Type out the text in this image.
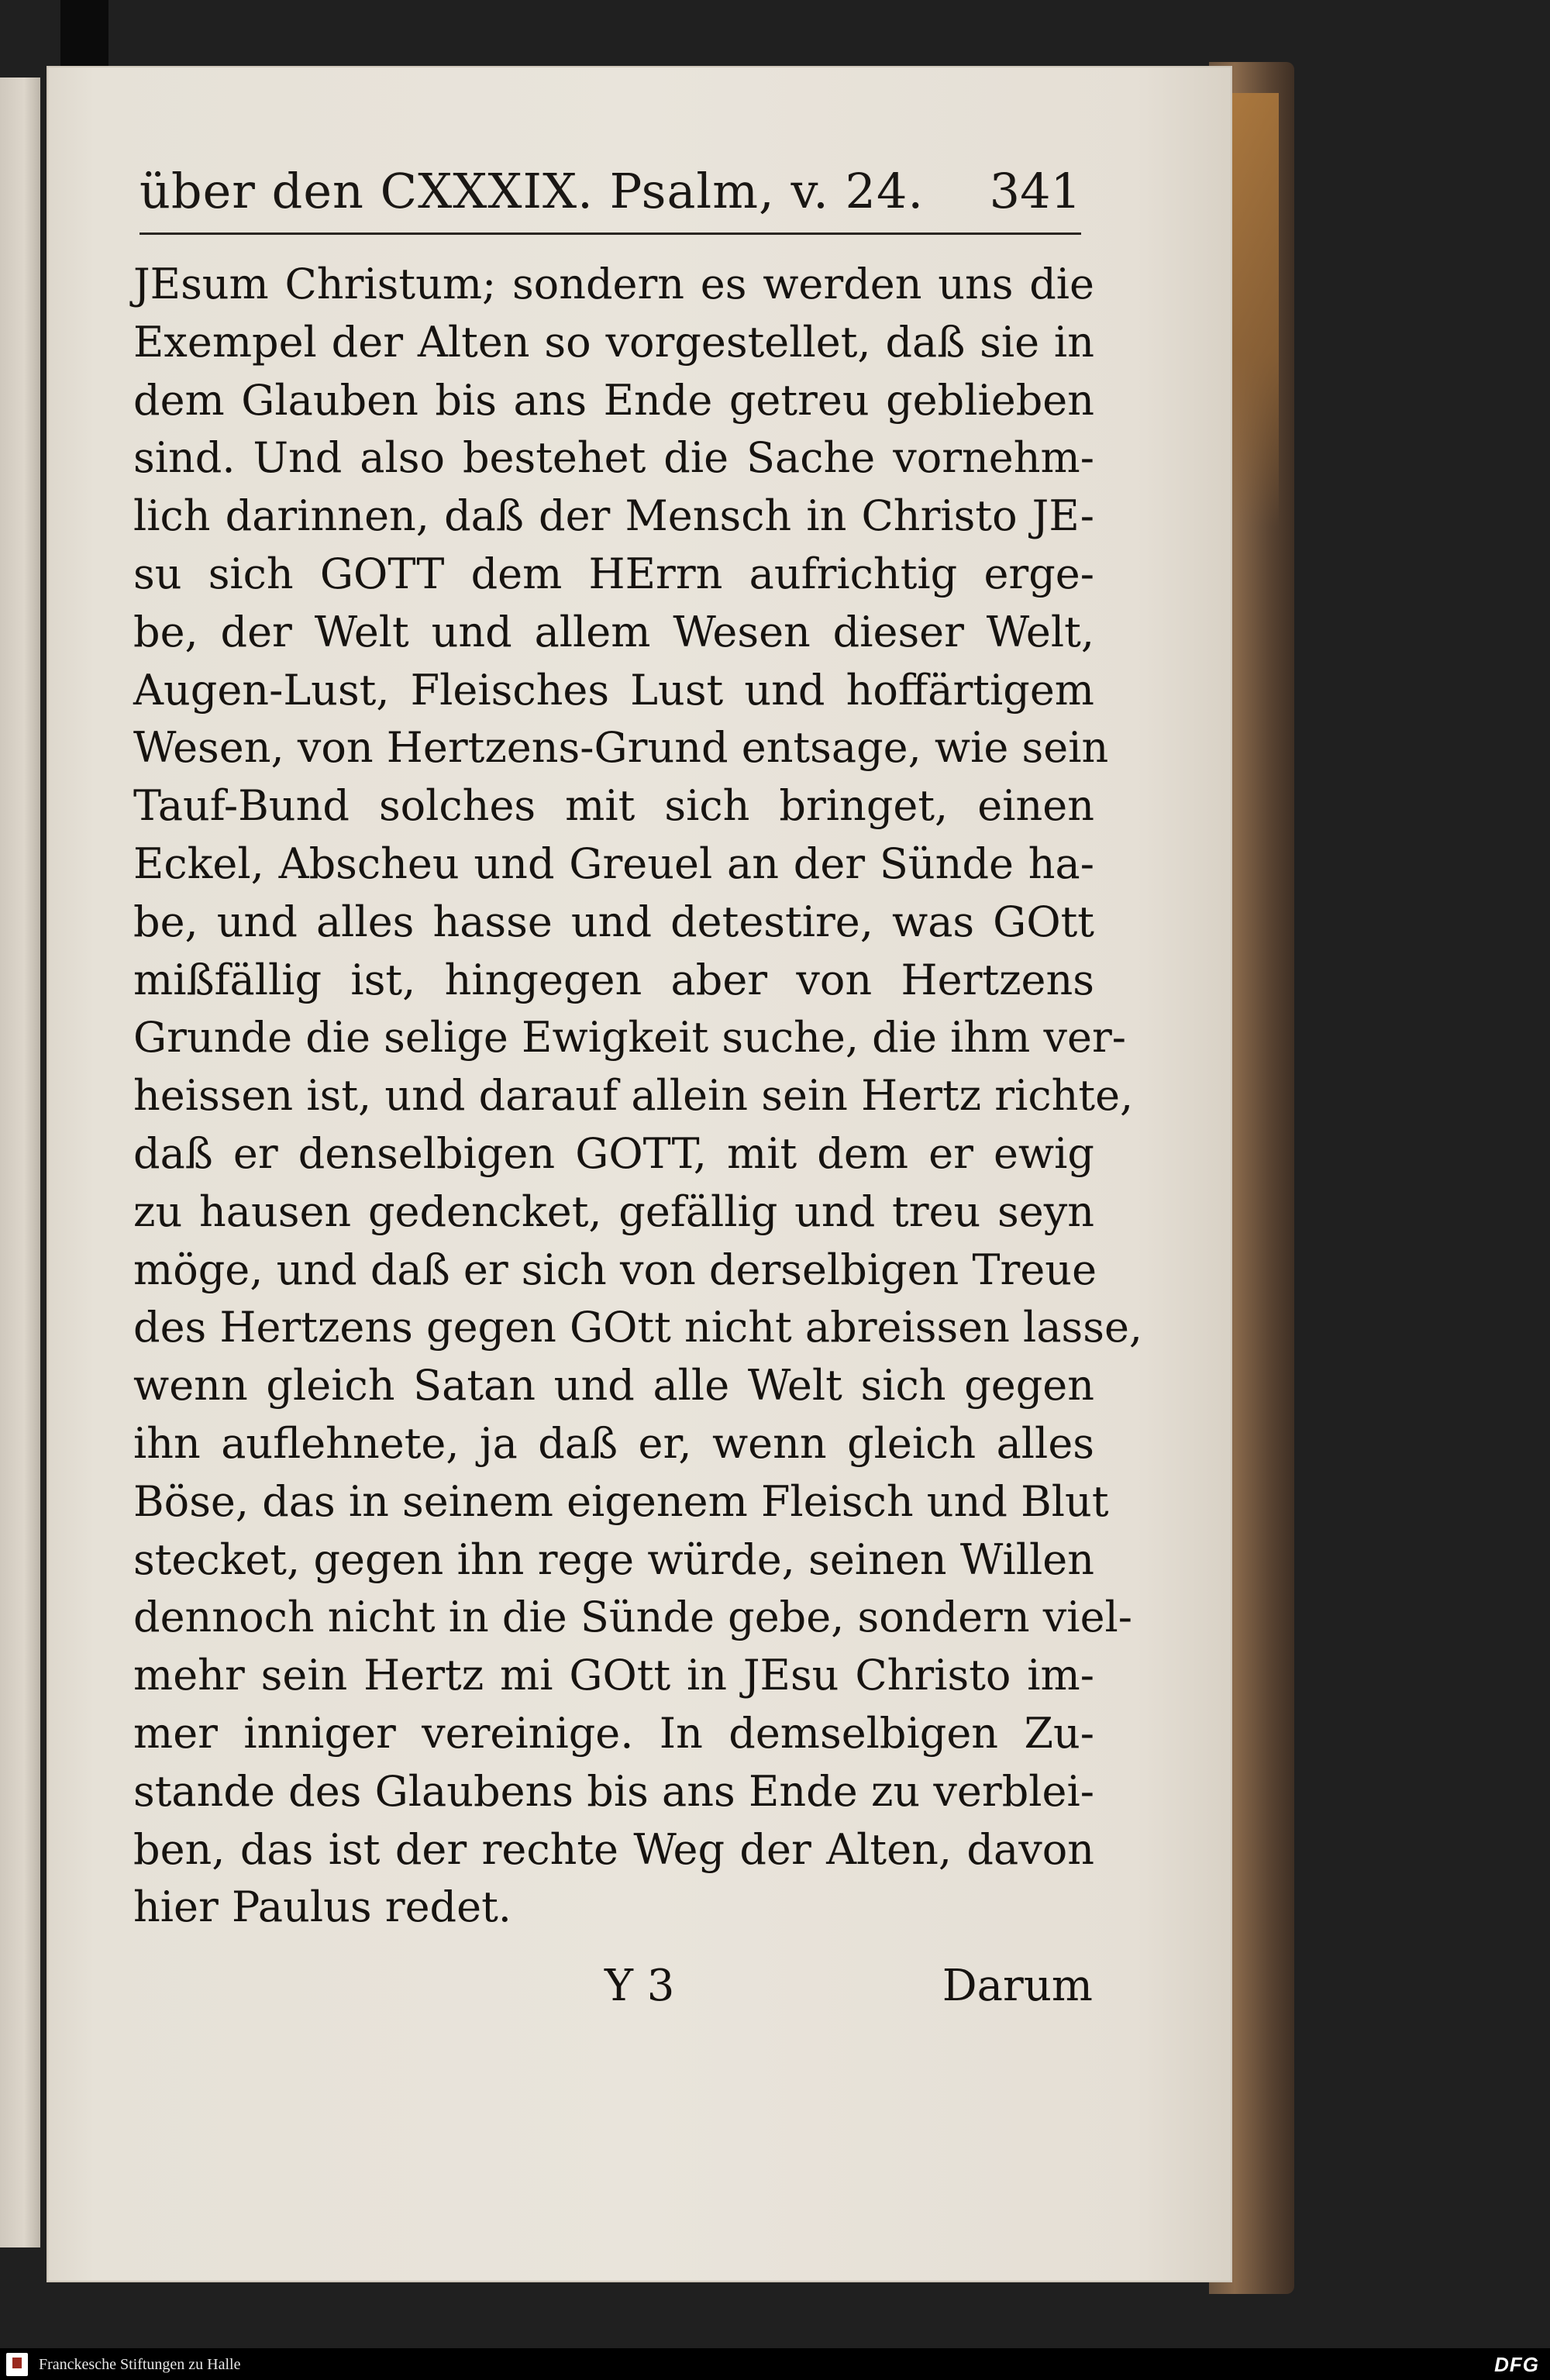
über den CXXXIX. Psalm, v. 24. 341
JEsum Christum; sondern es werden uns die
Exempel der Alten so vorgestellet, daß sie in
dem Glauben bis ans Ende getreu geblieben
sind. Und also bestehet die Sache vornehm-
lich darinnen, daß der Mensch in Christo JE-
su sich GOTT dem HErrn aufrichtig erge-
be, der Welt und allem Wesen dieser Welt,
Augen-Lust, Fleisches Lust und hoffärtigem
Wesen, von Hertzens-Grund entsage, wie sein
Tauf-Bund solches mit sich bringet, einen
Eckel, Abscheu und Greuel an der Sünde ha-
be, und alles hasse und detestire, was GOtt
mißfällig ist, hingegen aber von Hertzens
Grunde die selige Ewigkeit suche, die ihm ver-
heissen ist, und darauf allein sein Hertz richte,
daß er denselbigen GOTT, mit dem er ewig
zu hausen gedencket, gefällig und treu seyn
möge, und daß er sich von derselbigen Treue
des Hertzens gegen GOtt nicht abreissen lasse,
wenn gleich Satan und alle Welt sich gegen
ihn auflehnete, ja daß er, wenn gleich alles
Böse, das in seinem eigenem Fleisch und Blut
stecket, gegen ihn rege würde, seinen Willen
dennoch nicht in die Sünde gebe, sondern viel-
mehr sein Hertz mi GOtt in JEsu Christo im-
mer inniger vereinige. In demselbigen Zu-
stande des Glaubens bis ans Ende zu verblei-
ben, das ist der rechte Weg der Alten, davon
hier Paulus redet.
Y 3	Darum
Franckesche Stiftungen zu Halle	DFG
